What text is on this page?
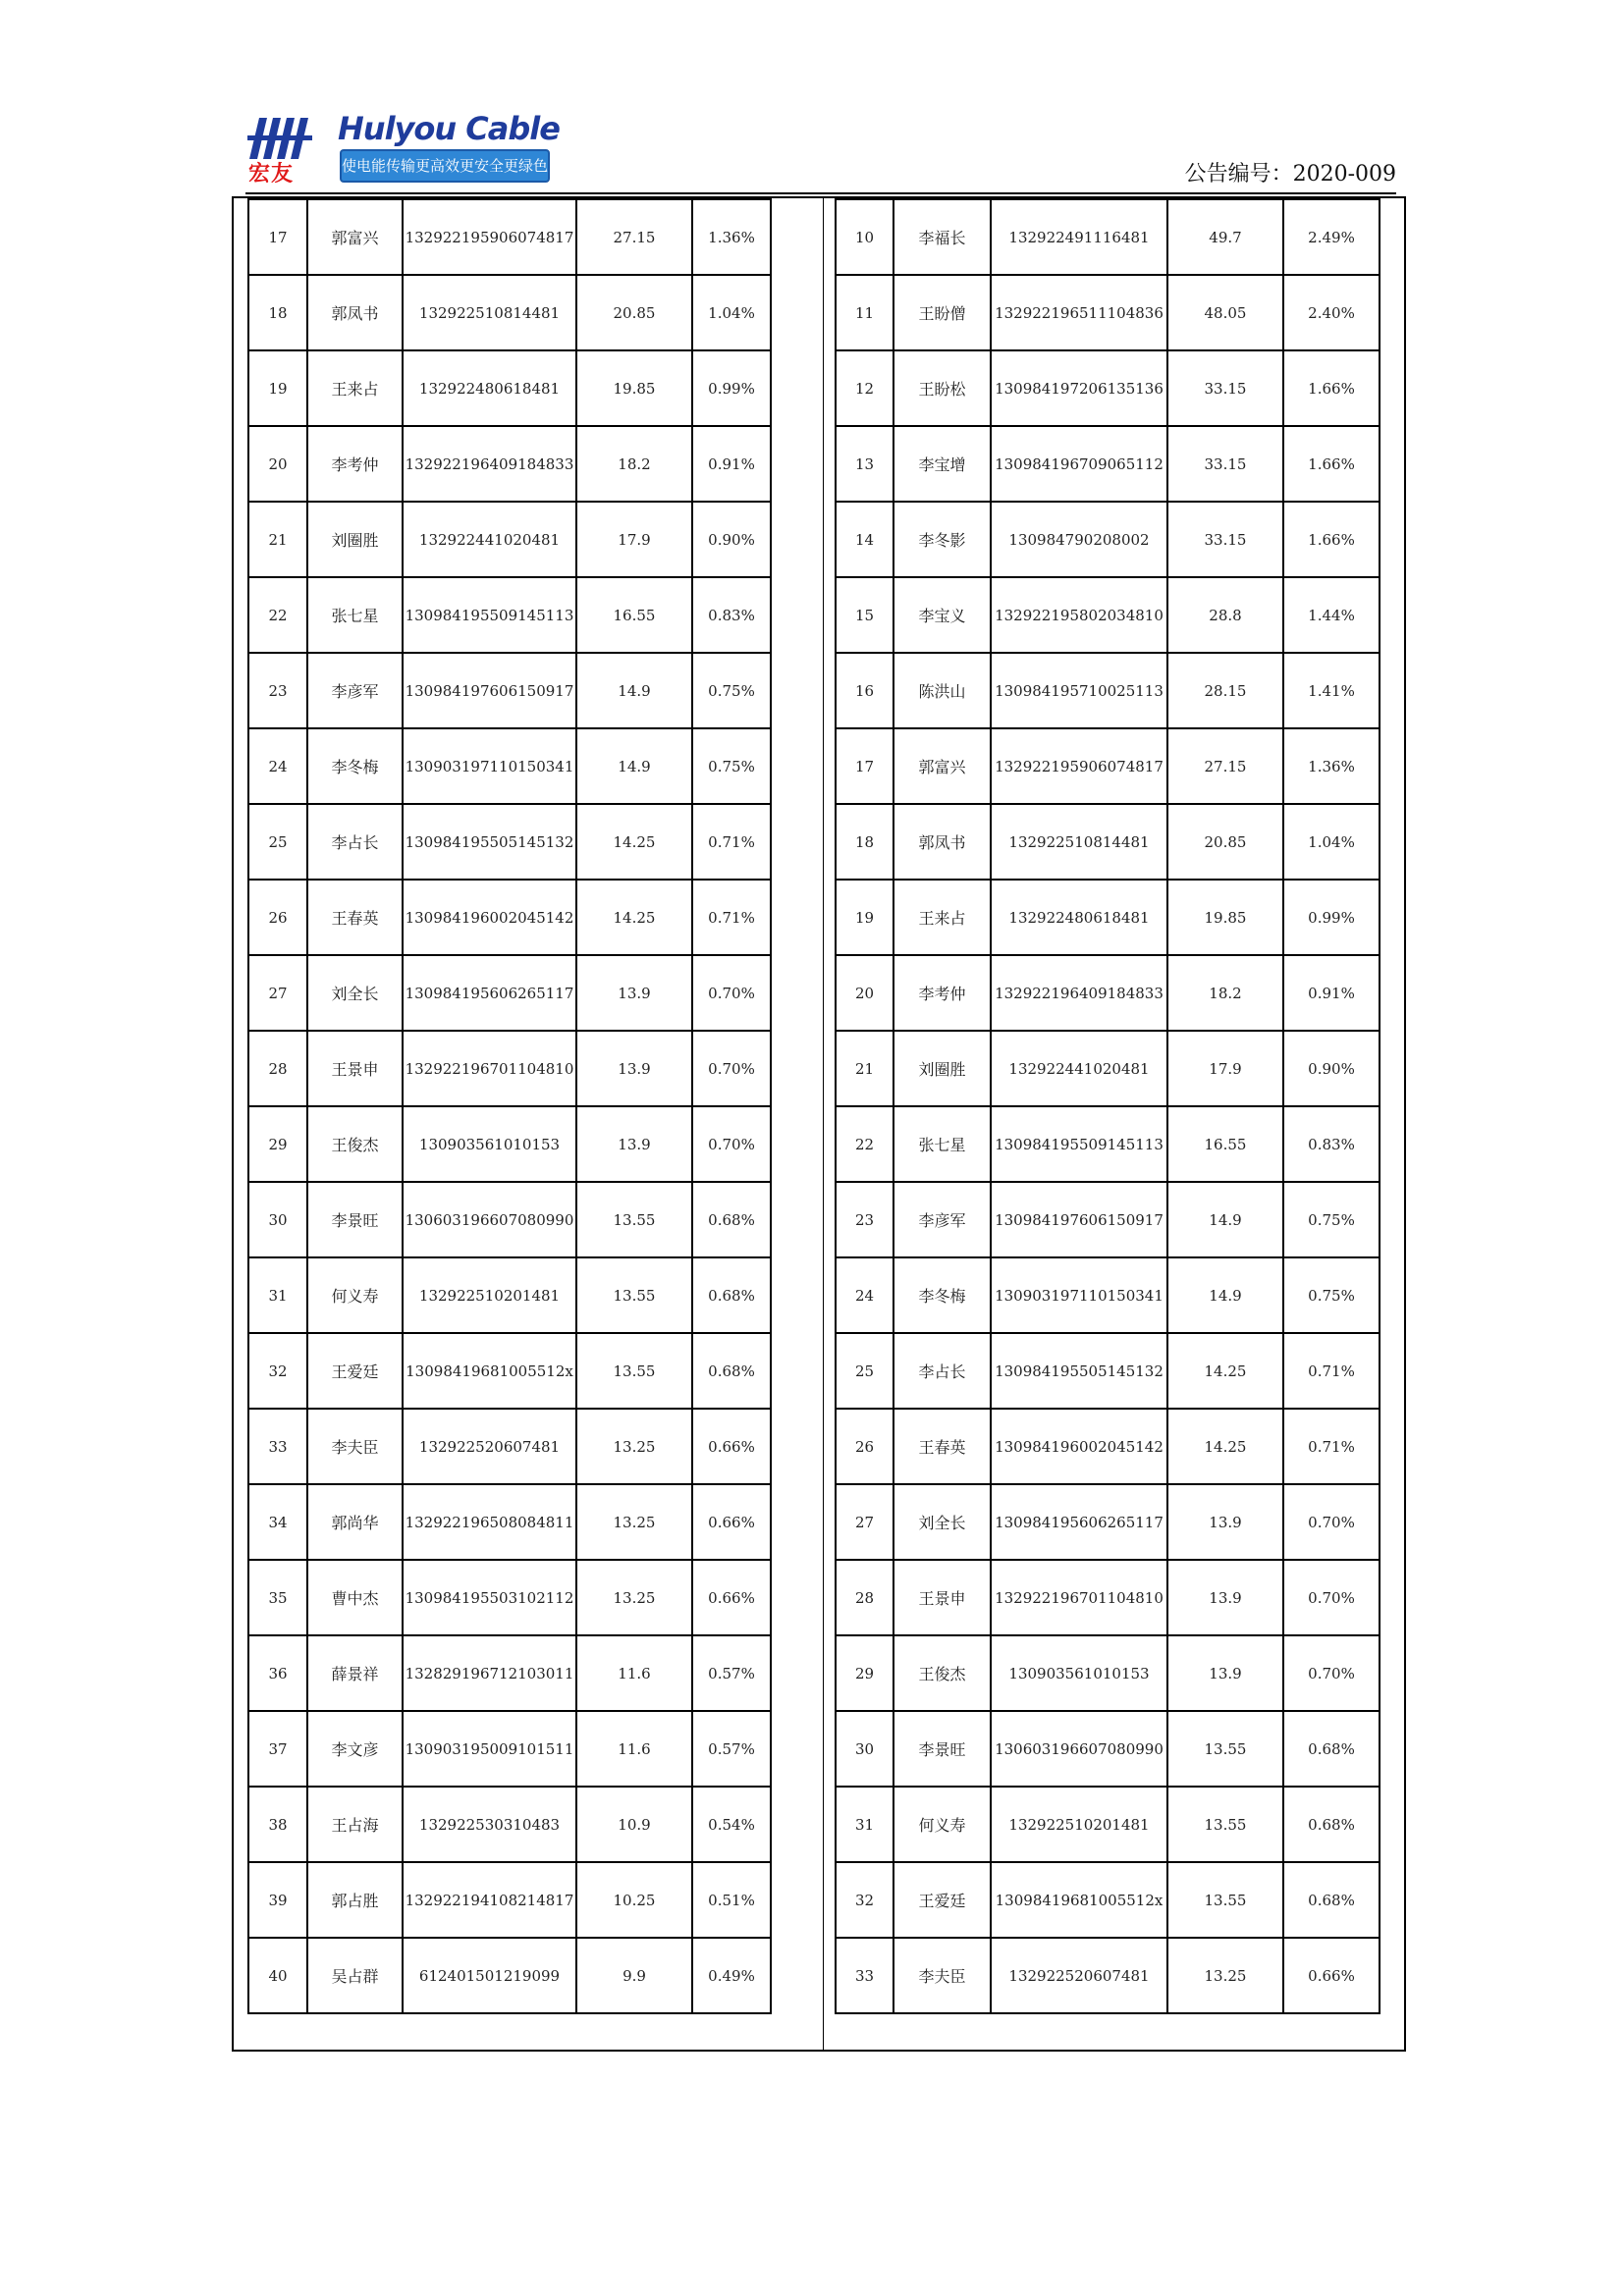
宏友
Hulyou Cable
使电能传输更高效更安全更绿色	公告编号：2020-009
17	郭富兴	132922195906074817	27.15	1.36%
18	郭凤书	132922510814481	20.85	1.04%
19	王来占	132922480618481	19.85	0.99%
20	李考仲	132922196409184833	18.2	0.91%
21	刘圈胜	132922441020481	17.9	0.90%
22	张七星	130984195509145113	16.55	0.83%
23	李彦军	130984197606150917	14.9	0.75%
24	李冬梅	130903197110150341	14.9	0.75%
25	李占长	130984195505145132	14.25	0.71%
26	王春英	130984196002045142	14.25	0.71%
27	刘全长	130984195606265117	13.9	0.70%
28	王景申	132922196701104810	13.9	0.70%
29	王俊杰	130903561010153	13.9	0.70%
30	李景旺	130603196607080990	13.55	0.68%
31	何义寿	132922510201481	13.55	0.68%
32	王爱廷	13098419681005512x	13.55	0.68%
33	李夫臣	132922520607481	13.25	0.66%
34	郭尚华	132922196508084811	13.25	0.66%
35	曹中杰	130984195503102112	13.25	0.66%
36	薛景祥	132829196712103011	11.6	0.57%
37	李文彦	130903195009101511	11.6	0.57%
38	王占海	132922530310483	10.9	0.54%
39	郭占胜	132922194108214817	10.25	0.51%
40	吴占群	612401501219099	9.9	0.49%
10	李福长	132922491116481	49.7	2.49%
11	王盼僧	132922196511104836	48.05	2.40%
12	王盼松	130984197206135136	33.15	1.66%
13	李宝增	130984196709065112	33.15	1.66%
14	李冬影	130984790208002	33.15	1.66%
15	李宝义	132922195802034810	28.8	1.44%
16	陈洪山	130984195710025113	28.15	1.41%
17	郭富兴	132922195906074817	27.15	1.36%
18	郭凤书	132922510814481	20.85	1.04%
19	王来占	132922480618481	19.85	0.99%
20	李考仲	132922196409184833	18.2	0.91%
21	刘圈胜	132922441020481	17.9	0.90%
22	张七星	130984195509145113	16.55	0.83%
23	李彦军	130984197606150917	14.9	0.75%
24	李冬梅	130903197110150341	14.9	0.75%
25	李占长	130984195505145132	14.25	0.71%
26	王春英	130984196002045142	14.25	0.71%
27	刘全长	130984195606265117	13.9	0.70%
28	王景申	132922196701104810	13.9	0.70%
29	王俊杰	130903561010153	13.9	0.70%
30	李景旺	130603196607080990	13.55	0.68%
31	何义寿	132922510201481	13.55	0.68%
32	王爱廷	13098419681005512x	13.55	0.68%
33	李夫臣	132922520607481	13.25	0.66%
